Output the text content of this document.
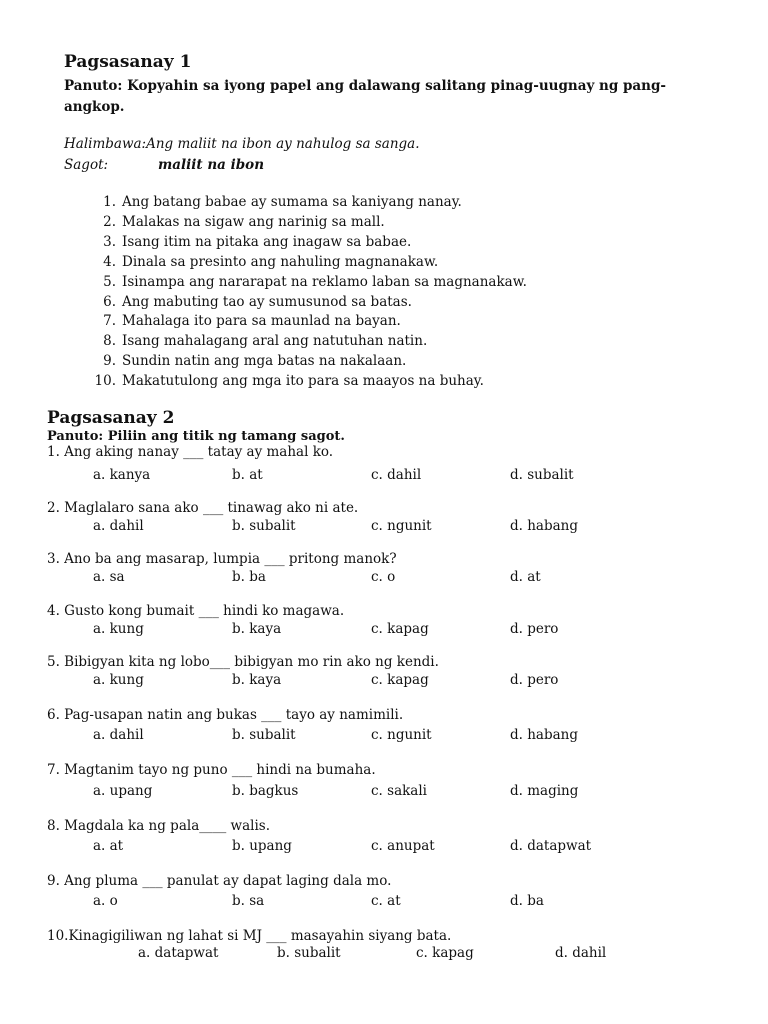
Pagsasanay 1
Panuto: Kopyahin sa iyong papel ang dalawang salitang pinag-uugnay ng pang-angkop.
Halimbawa: Ang maliit na ibon ay nahulog sa sanga.
Sagot:	maliit na ibon
1. Ang batang babae ay sumama sa kaniyang nanay.
2. Malakas na sigaw ang narinig sa mall.
3. Isang itim na pitaka ang inagaw sa babae.
4. Dinala sa presinto ang nahuling magnanakaw.
5. Isinampa ang nararapat na reklamo laban sa magnanakaw.
6. Ang mabuting tao ay sumusunod sa batas.
7. Mahalaga ito para sa maunlad na bayan.
8. Isang mahalagang aral ang natutuhan natin.
9. Sundin natin ang mga batas na nakalaan.
10. Makatutulong ang mga ito para sa maayos na buhay.
Pagsasanay 2
Panuto: Piliin ang titik ng tamang sagot.
1. Ang aking nanay ___ tatay ay mahal ko.
a. kanya	b. at	c. dahil	d. subalit
2. Maglalaro sana ako ___ tinawag ako ni ate.
a. dahil	b. subalit	c. ngunit	d. habang
3. Ano ba ang masarap, lumpia ___ pritong manok?
a. sa	b. ba	c. o	d. at
4. Gusto kong bumait ___ hindi ko magawa.
a. kung	b. kaya	c. kapag	d. pero
5. Bibigyan kita ng lobo___ bibigyan mo rin ako ng kendi.
a. kung	b. kaya	c. kapag	d. pero
6. Pag-usapan natin ang bukas ___ tayo ay namimili.
a. dahil	b. subalit	c. ngunit	d. habang
7. Magtanim tayo ng puno ___ hindi na bumaha.
a. upang	b. bagkus	c. sakali	d. maging
8. Magdala ka ng pala____ walis.
a. at	b. upang	c. anupat	d. datapwat
9. Ang pluma ___ panulat ay dapat laging dala mo.
a. o	b. sa	c. at	d. ba
10.Kinagigiliwan ng lahat si MJ ___ masayahin siyang bata.
a. datapwat	b. subalit	c. kapag	d. dahil
